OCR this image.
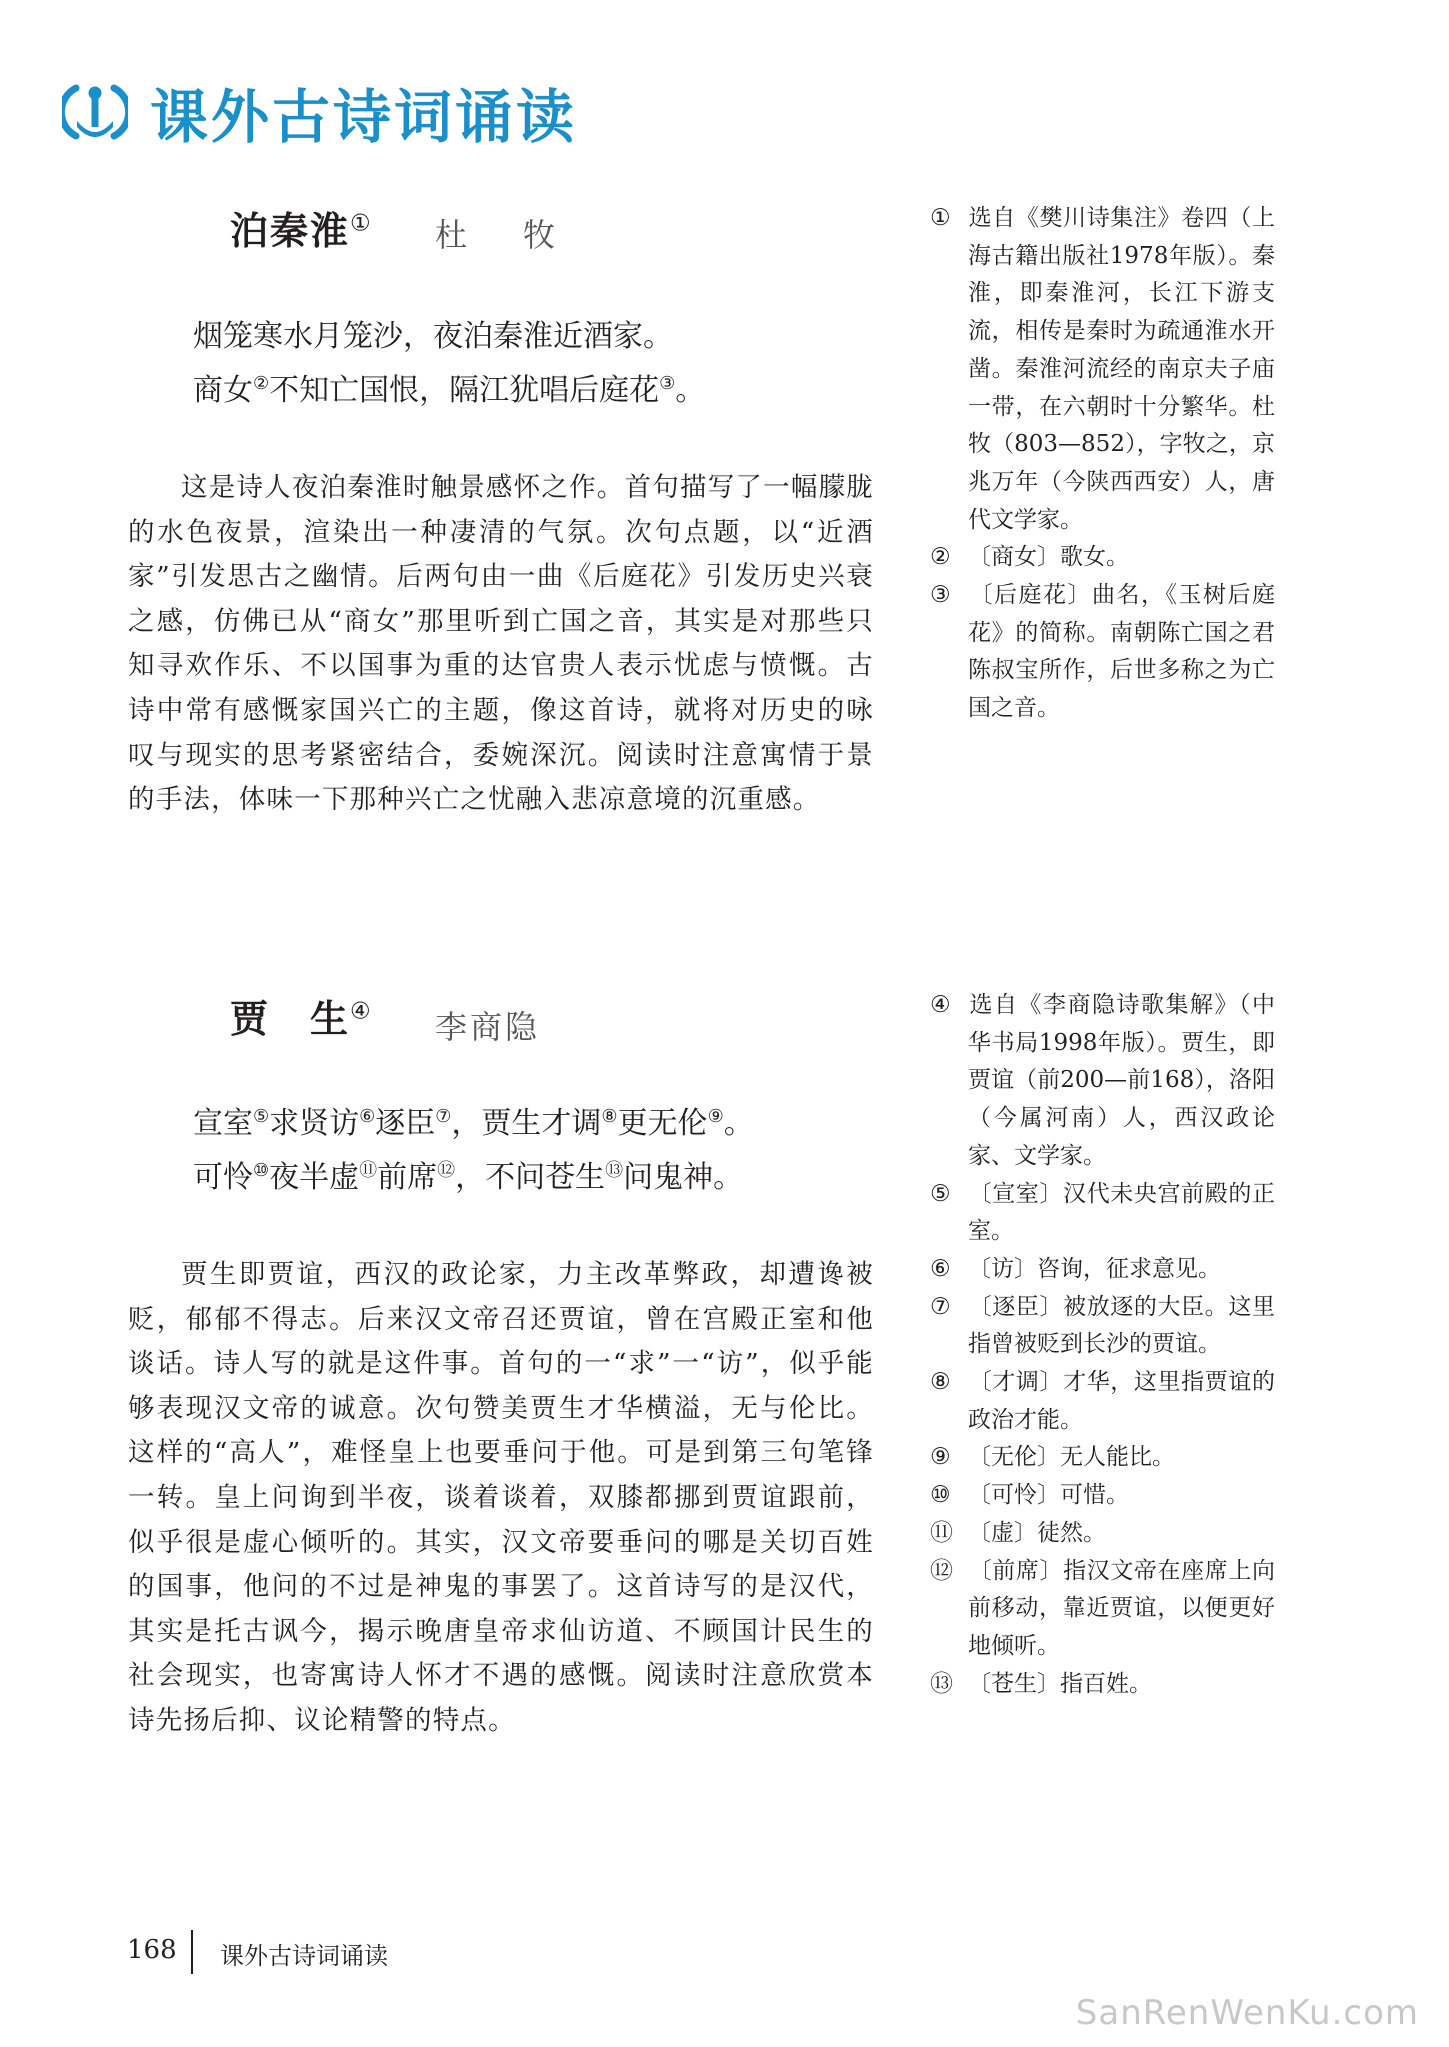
课外古诗词诵读
泊秦淮① 杜　牧
烟笼寒水月笼沙，夜泊秦淮近酒家。
商女②不知亡国恨，隔江犹唱后庭花③。

这是诗人夜泊秦淮时触景感怀之作。首句描写了一幅朦胧的水色夜景，渲染出一种凄清的气氛。次句点题，以“近酒家”引发思古之幽情。后两句由一曲《后庭花》引发历史兴衰之感，仿佛已从“商女”那里听到亡国之音，其实是对那些只知寻欢作乐、不以国事为重的达官贵人表示忧虑与愤慨。古诗中常有感慨家国兴亡的主题，像这首诗，就将对历史的咏叹与现实的思考紧密结合，委婉深沉。阅读时注意寓情于景的手法，体味一下那种兴亡之忧融入悲凉意境的沉重感。

① 选自《樊川诗集注》卷四（上海古籍出版社1978年版）。秦淮，即秦淮河，长江下游支流，相传是秦时为疏通淮水开凿。秦淮河流经的南京夫子庙一带，在六朝时十分繁华。杜牧（803—852），字牧之，京兆万年（今陕西西安）人，唐代文学家。
② 〔商女〕歌女。
③ 〔后庭花〕曲名，《玉树后庭花》的简称。南朝陈亡国之君陈叔宝所作，后世多称之为亡国之音。
贾　生④ 李商隐
宣室⑤求贤访⑥逐臣⑦，贾生才调⑧更无伦⑨。
可怜⑩夜半虚⑪前席⑫，不问苍生⑬问鬼神。

贾生即贾谊，西汉的政论家，力主改革弊政，却遭谗被贬，郁郁不得志。后来汉文帝召还贾谊，曾在宫殿正室和他谈话。诗人写的就是这件事。首句的一“求”一“访”，似乎能够表现汉文帝的诚意。次句赞美贾生才华横溢，无与伦比。这样的“高人”，难怪皇上也要垂问于他。可是到第三句笔锋一转。皇上问询到半夜，谈着谈着，双膝都挪到贾谊跟前，似乎很是虚心倾听的。其实，汉文帝要垂问的哪是关切百姓的国事，他问的不过是神鬼的事罢了。这首诗写的是汉代，其实是托古讽今，揭示晚唐皇帝求仙访道、不顾国计民生的社会现实，也寄寓诗人怀才不遇的感慨。阅读时注意欣赏本诗先扬后抑、议论精警的特点。

④ 选自《李商隐诗歌集解》（中华书局1998年版）。贾生，即贾谊（前200—前168），洛阳（今属河南）人，西汉政论家、文学家。
⑤ 〔宣室〕汉代未央宫前殿的正室。
⑥ 〔访〕咨询，征求意见。
⑦ 〔逐臣〕被放逐的大臣。这里指曾被贬到长沙的贾谊。
⑧ 〔才调〕才华，这里指贾谊的政治才能。
⑨ 〔无伦〕无人能比。
⑩ 〔可怜〕可惜。
⑪ 〔虚〕徒然。
⑫ 〔前席〕指汉文帝在座席上向前移动，靠近贾谊，以便更好地倾听。
⑬ 〔苍生〕指百姓。
168 课外古诗词诵读
SanRenWenKu.com
